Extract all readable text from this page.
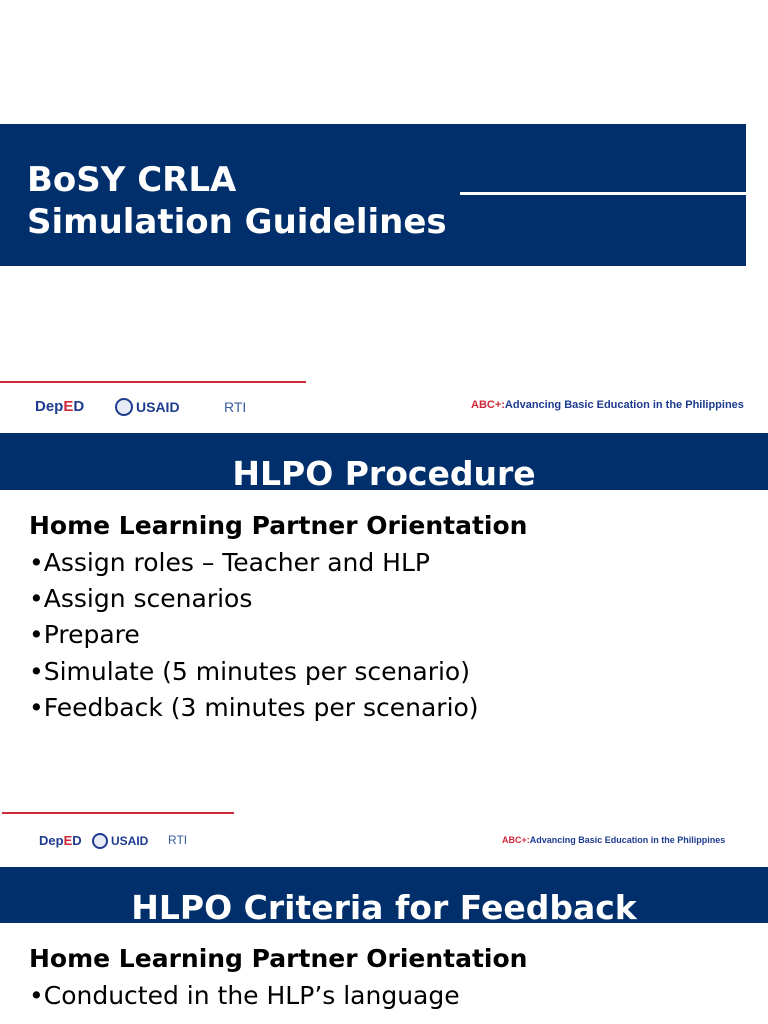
BoSY CRLA
Simulation Guidelines
Dep E D	USAID	RTI	ABC+:Advancing Basic Education in the Philippines
HLPO Procedure
Home Learning Partner Orientation
•Assign roles – Teacher and HLP
•Assign scenarios
•Prepare
•Simulate (5 minutes per scenario)
•Feedback (3 minutes per scenario)
Dep E D USAID RTI	ABC+:Advancing Basic Education in the Philippines
HLPO Criteria for Feedback
Home Learning Partner Orientation
•Conducted in the HLP’s language
